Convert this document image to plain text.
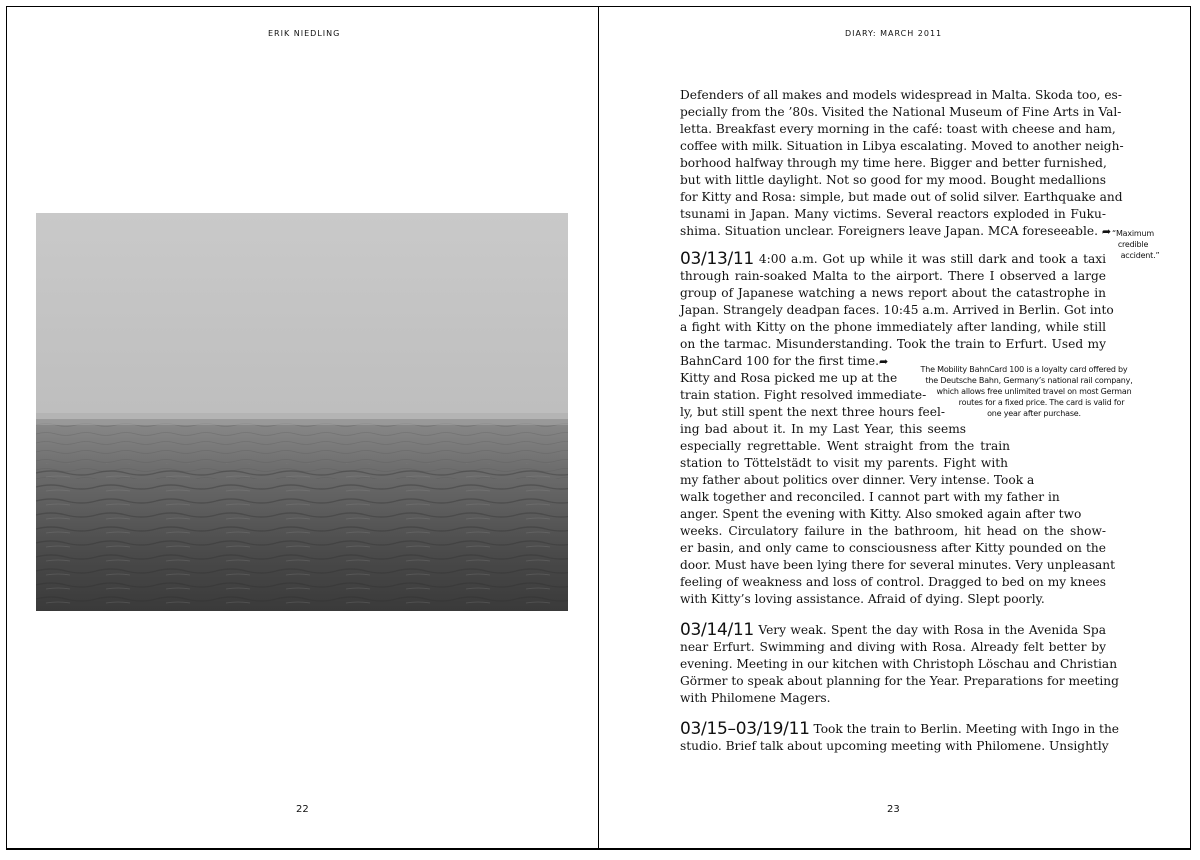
ERIK NIEDLING
22
DIARY: MARCH 2011
Defenders of all makes and models widespread in Malta. Skoda too, es-
pecially from the ’80s. Visited the National Museum of Fine Arts in Val-
letta. Breakfast every morning in the café: toast with cheese and ham,
coffee with milk. Situation in Libya escalating. Moved to another neigh-
borhood halfway through my time here. Bigger and better furnished,
but with little daylight. Not so good for my mood. Bought medallions
for Kitty and Rosa: simple, but made out of solid silver. Earthquake and
tsunami in Japan. Many victims. Several reactors exploded in Fuku-
shima. Situation unclear. Foreigners leave Japan. MCA foreseeable. ➦
03/13/11 4:00 a.m. Got up while it was still dark and took a taxi
through rain-soaked Malta to the airport. There I observed a large
group of Japanese watching a news report about the catastrophe in
Japan. Strangely deadpan faces. 10:45 a.m. Arrived in Berlin. Got into
a fight with Kitty on the phone immediately after landing, while still
on the tarmac. Misunderstanding. Took the train to Erfurt. Used my
BahnCard 100 for the first time.➦
Kitty and Rosa picked me up at the
train station. Fight resolved immediate-
ly, but still spent the next three hours feel-
ing bad about it. In my Last Year, this seems
especially regrettable. Went straight from the train
station to Töttelstädt to visit my parents. Fight with
my father about politics over dinner. Very intense. Took a
walk together and reconciled. I cannot part with my father in
anger. Spent the evening with Kitty. Also smoked again after two
weeks. Circulatory failure in the bathroom, hit head on the show-
er basin, and only came to consciousness after Kitty pounded on the
door. Must have been lying there for several minutes. Very unpleasant
feeling of weakness and loss of control. Dragged to bed on my knees
with Kitty’s loving assistance. Afraid of dying. Slept poorly.
03/14/11 Very weak. Spent the day with Rosa in the Avenida Spa
near Erfurt. Swimming and diving with Rosa. Already felt better by
evening. Meeting in our kitchen with Christoph Löschau and Christian
Görmer to speak about planning for the Year. Preparations for meeting
with Philomene Magers.
03/15–03/19/11 Took the train to Berlin. Meeting with Ingo in the
studio. Brief talk about upcoming meeting with Philomene. Unsightly
“Maximum
credible
accident.”
The Mobility BahnCard 100 is a loyalty card offered by
the Deutsche Bahn, Germany’s national rail company,
which allows free unlimited travel on most German
routes for a fixed price. The card is valid for
one year after purchase.
23
